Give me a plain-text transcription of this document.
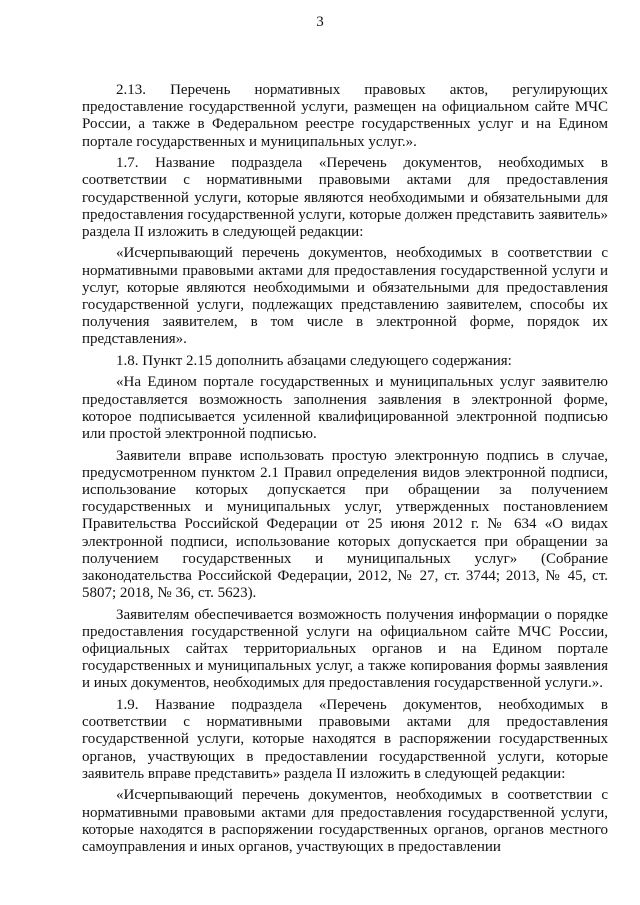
3

2.13. Перечень нормативных правовых актов, регулирующих предоставление государственной услуги, размещен на официальном сайте МЧС России, а также в Федеральном реестре государственных услуг и на Едином портале государственных и муниципальных услуг.».

1.7. Название подраздела «Перечень документов, необходимых в соответствии с нормативными правовыми актами для предоставления государственной услуги, которые являются необходимыми и обязательными для предоставления государственной услуги, которые должен представить заявитель» раздела II изложить в следующей редакции:

«Исчерпывающий перечень документов, необходимых в соответствии с нормативными правовыми актами для предоставления государственной услуги и услуг, которые являются необходимыми и обязательными для предоставления государственной услуги, подлежащих представлению заявителем, способы их получения заявителем, в том числе в электронной форме, порядок их представления».

1.8. Пункт 2.15 дополнить абзацами следующего содержания:

«На Едином портале государственных и муниципальных услуг заявителю предоставляется возможность заполнения заявления в электронной форме, которое подписывается усиленной квалифицированной электронной подписью или простой электронной подписью.

Заявители вправе использовать простую электронную подпись в случае, предусмотренном пунктом 2.1 Правил определения видов электронной подписи, использование которых допускается при обращении за получением государственных и муниципальных услуг, утвержденных постановлением Правительства Российской Федерации от 25 июня 2012 г. № 634 «О видах электронной подписи, использование которых допускается при обращении за получением государственных и муниципальных услуг» (Собрание законодательства Российской Федерации, 2012, № 27, ст. 3744; 2013, № 45, ст. 5807; 2018, № 36, ст. 5623).

Заявителям обеспечивается возможность получения информации о порядке предоставления государственной услуги на официальном сайте МЧС России, официальных сайтах территориальных органов и на Едином портале государственных и муниципальных услуг, а также копирования формы заявления и иных документов, необходимых для предоставления государственной услуги.».

1.9. Название подраздела «Перечень документов, необходимых в соответствии с нормативными правовыми актами для предоставления государственной услуги, которые находятся в распоряжении государственных органов, участвующих в предоставлении государственной услуги, которые заявитель вправе представить» раздела II изложить в следующей редакции:

«Исчерпывающий перечень документов, необходимых в соответствии с нормативными правовыми актами для предоставления государственной услуги, которые находятся в распоряжении государственных органов, органов местного самоуправления и иных органов, участвующих в предоставлении
